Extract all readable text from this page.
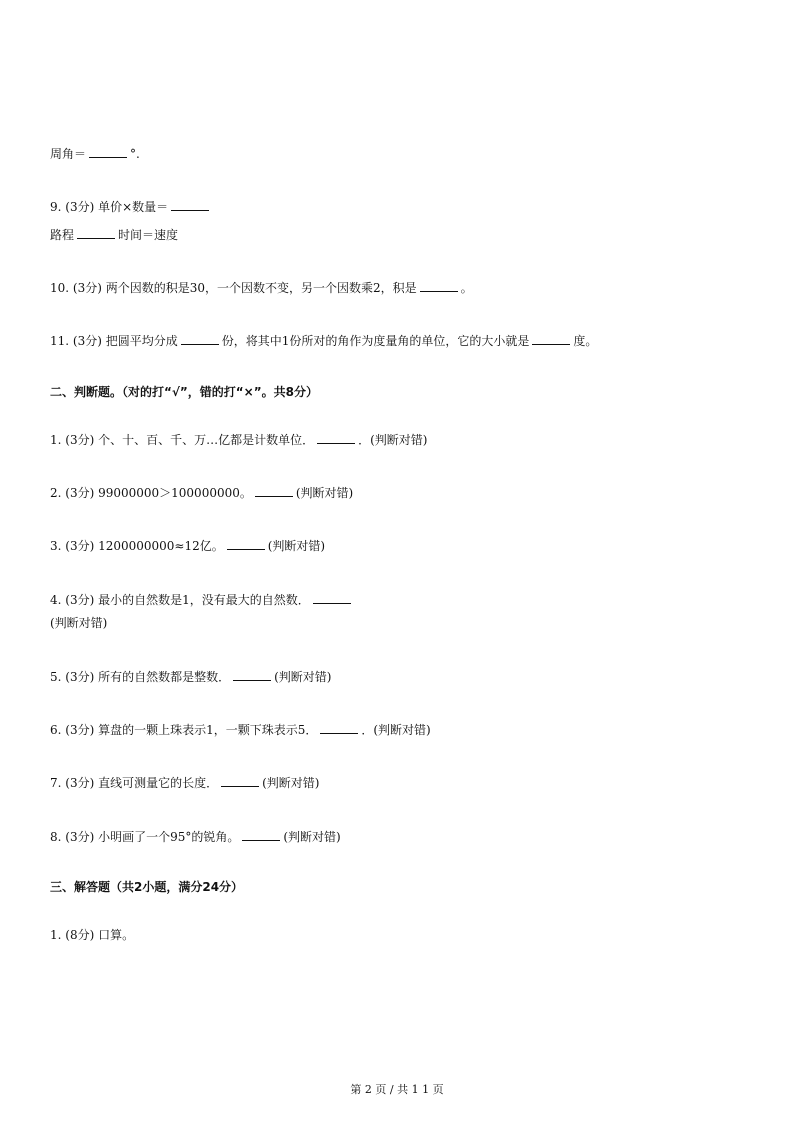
周角＝	°.
9. (3分) 单价×数量＝
路程	时间＝速度
10. (3分) 两个因数的积是30，一个因数不变，另一个因数乘2，积是	。
11. (3分) 把圆平均分成	份，将其中1份所对的角作为度量角的单位，它的大小就是	度。
二、判断题。（对的打“√”，错的打“×”。共8分）
1. (3分) 个、十、百、千、万…亿都是计数单位．	．(判断对错)
2. (3分) 99000000＞100000000。	(判断对错)
3. (3分) 1200000000≈12亿。	(判断对错)
4. (3分) 最小的自然数是1，没有最大的自然数．
(判断对错)
5. (3分) 所有的自然数都是整数．	(判断对错)
6. (3分) 算盘的一颗上珠表示1，一颗下珠表示5．	．(判断对错)
7. (3分) 直线可测量它的长度．	(判断对错)
8. (3分) 小明画了一个95°的锐角。	(判断对错)
三、解答题（共2小题，满分24分）
1. (8分) 口算。
第 2 页 / 共 1 1 页
